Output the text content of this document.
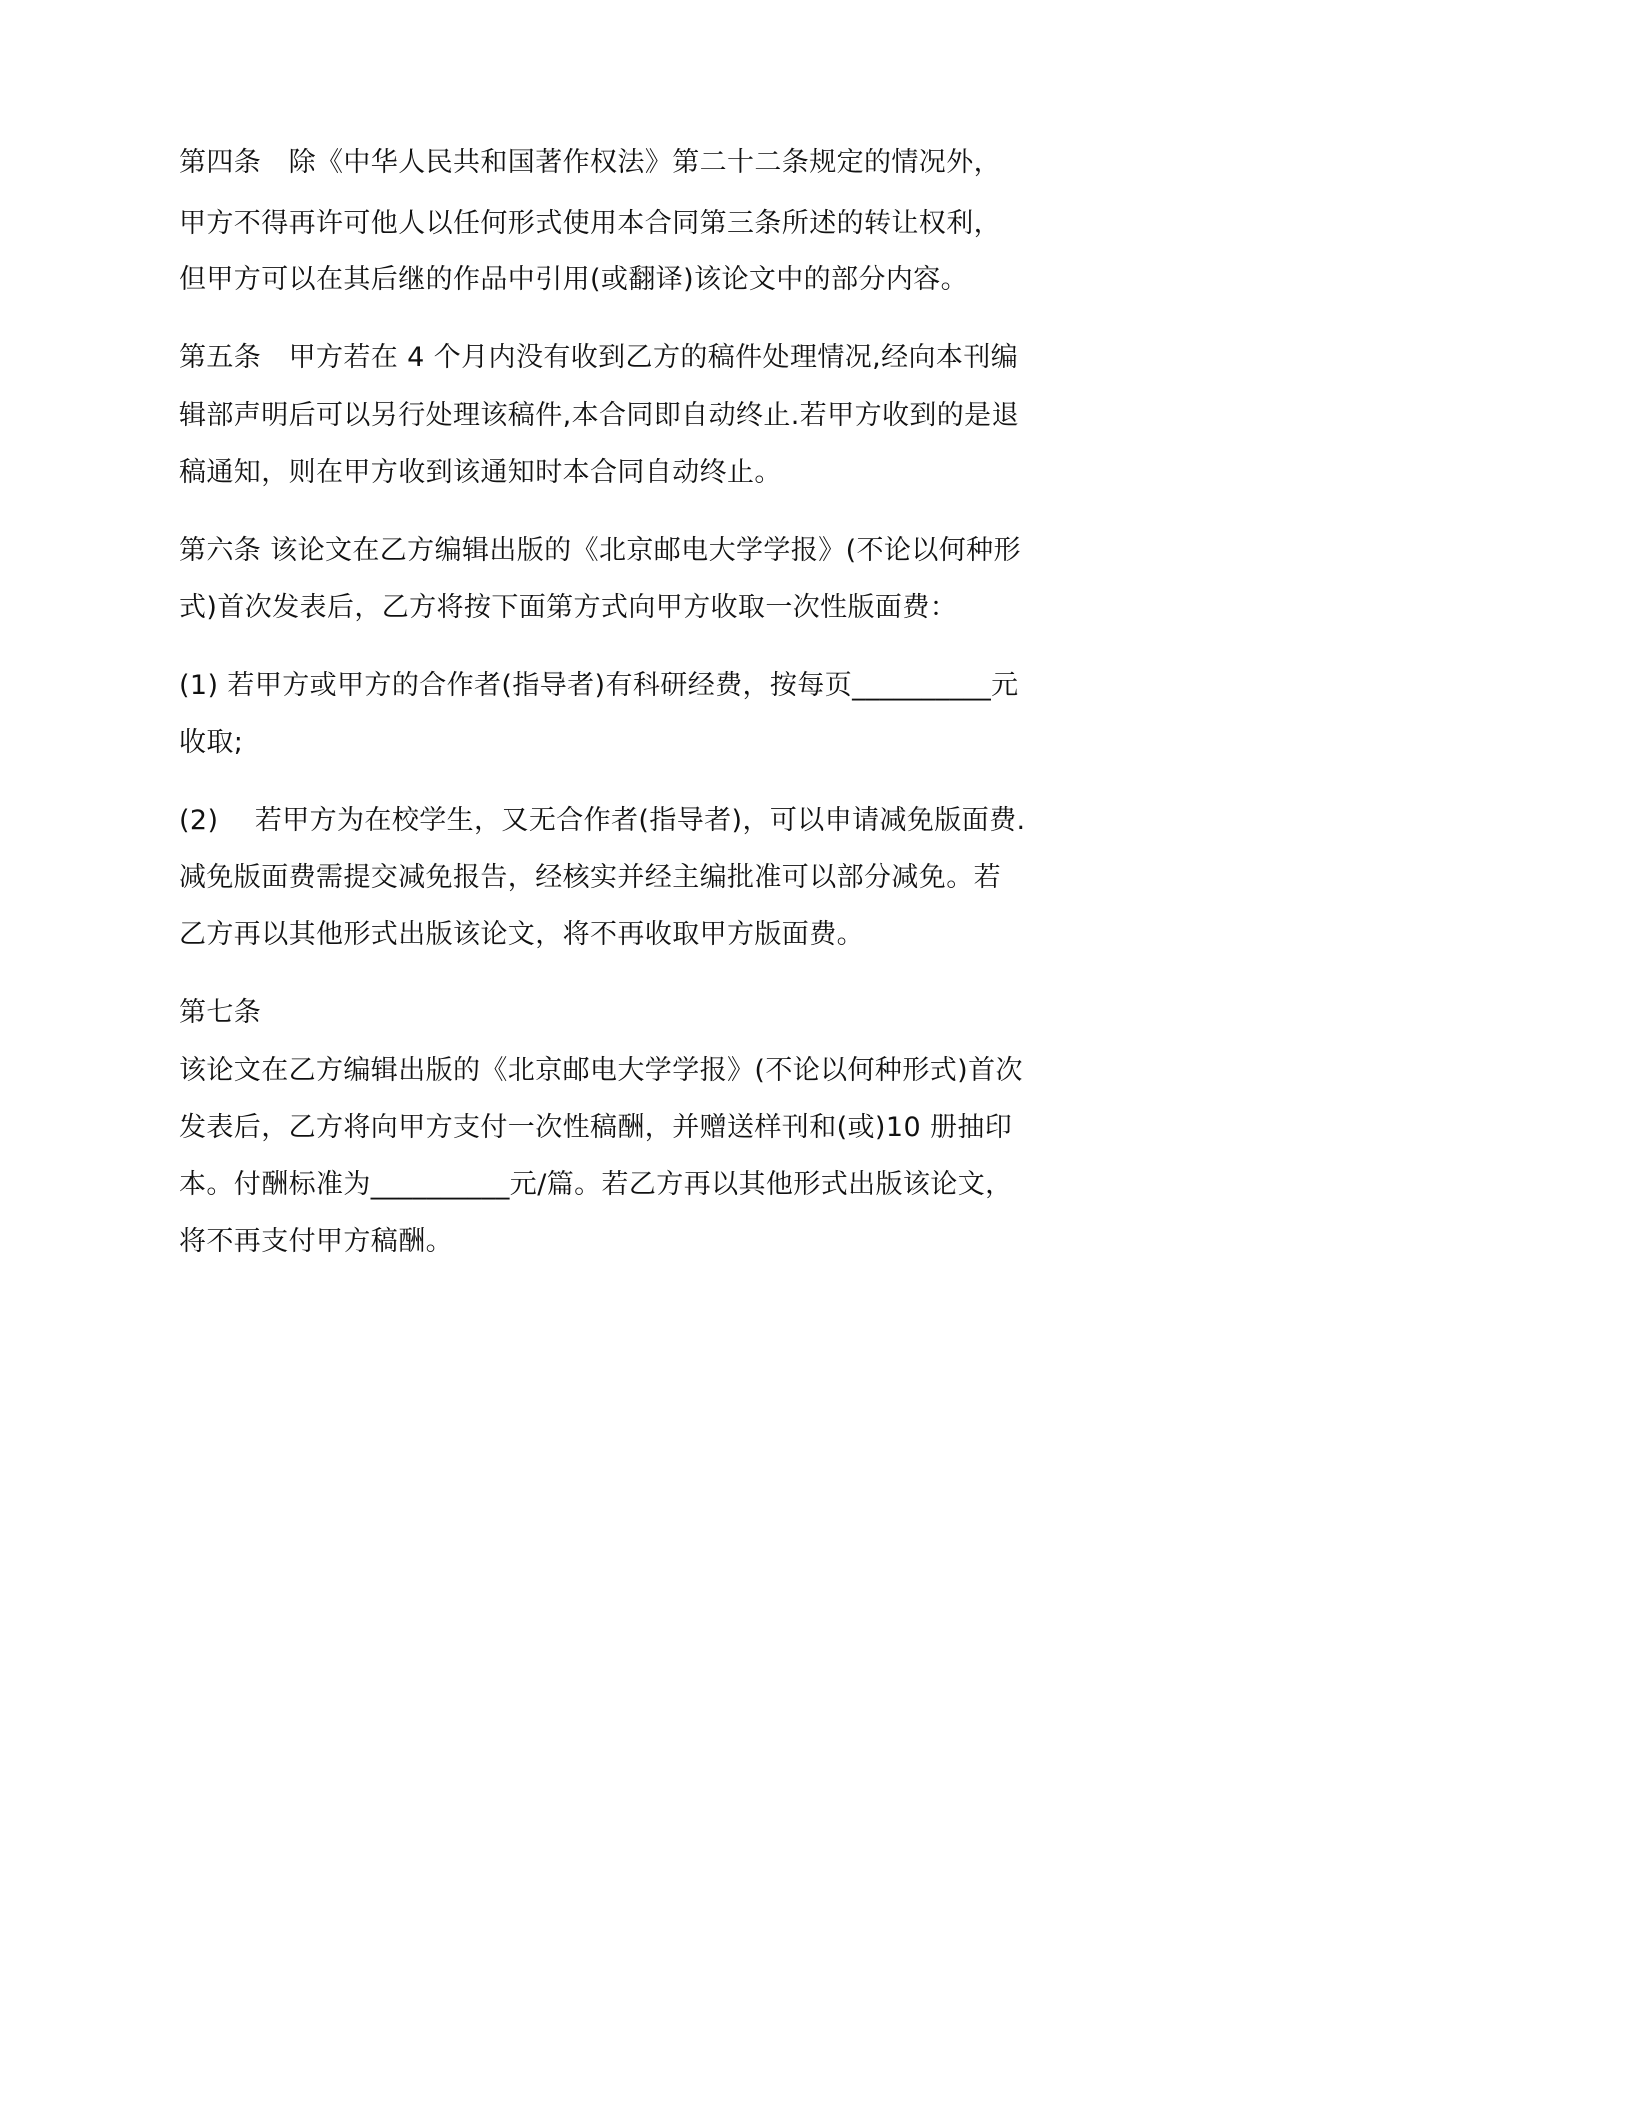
第四条　除《中华人民共和国著作权法》第二十二条规定的情况外，
甲方不得再许可他人以任何形式使用本合同第三条所述的转让权利，
但甲方可以在其后继的作品中引用(或翻译)该论文中的部分内容。
第五条　甲方若在 4 个月内没有收到乙方的稿件处理情况,经向本刊编
辑部声明后可以另行处理该稿件,本合同即自动终止.若甲方收到的是退
稿通知，则在甲方收到该通知时本合同自动终止。
第六条 该论文在乙方编辑出版的《北京邮电大学学报》(不论以何种形
式)首次发表后，乙方将按下面第方式向甲方收取一次性版面费：
(1) 若甲方或甲方的合作者(指导者)有科研经费，按每页__________元
收取;
(2)　 若甲方为在校学生，又无合作者(指导者)，可以申请减免版面费.
减免版面费需提交减免报告，经核实并经主编批准可以部分减免。若
乙方再以其他形式出版该论文，将不再收取甲方版面费。
第七条
该论文在乙方编辑出版的《北京邮电大学学报》(不论以何种形式)首次
发表后，乙方将向甲方支付一次性稿酬，并赠送样刊和(或)10 册抽印
本。付酬标准为__________元/篇。若乙方再以其他形式出版该论文，
将不再支付甲方稿酬。
